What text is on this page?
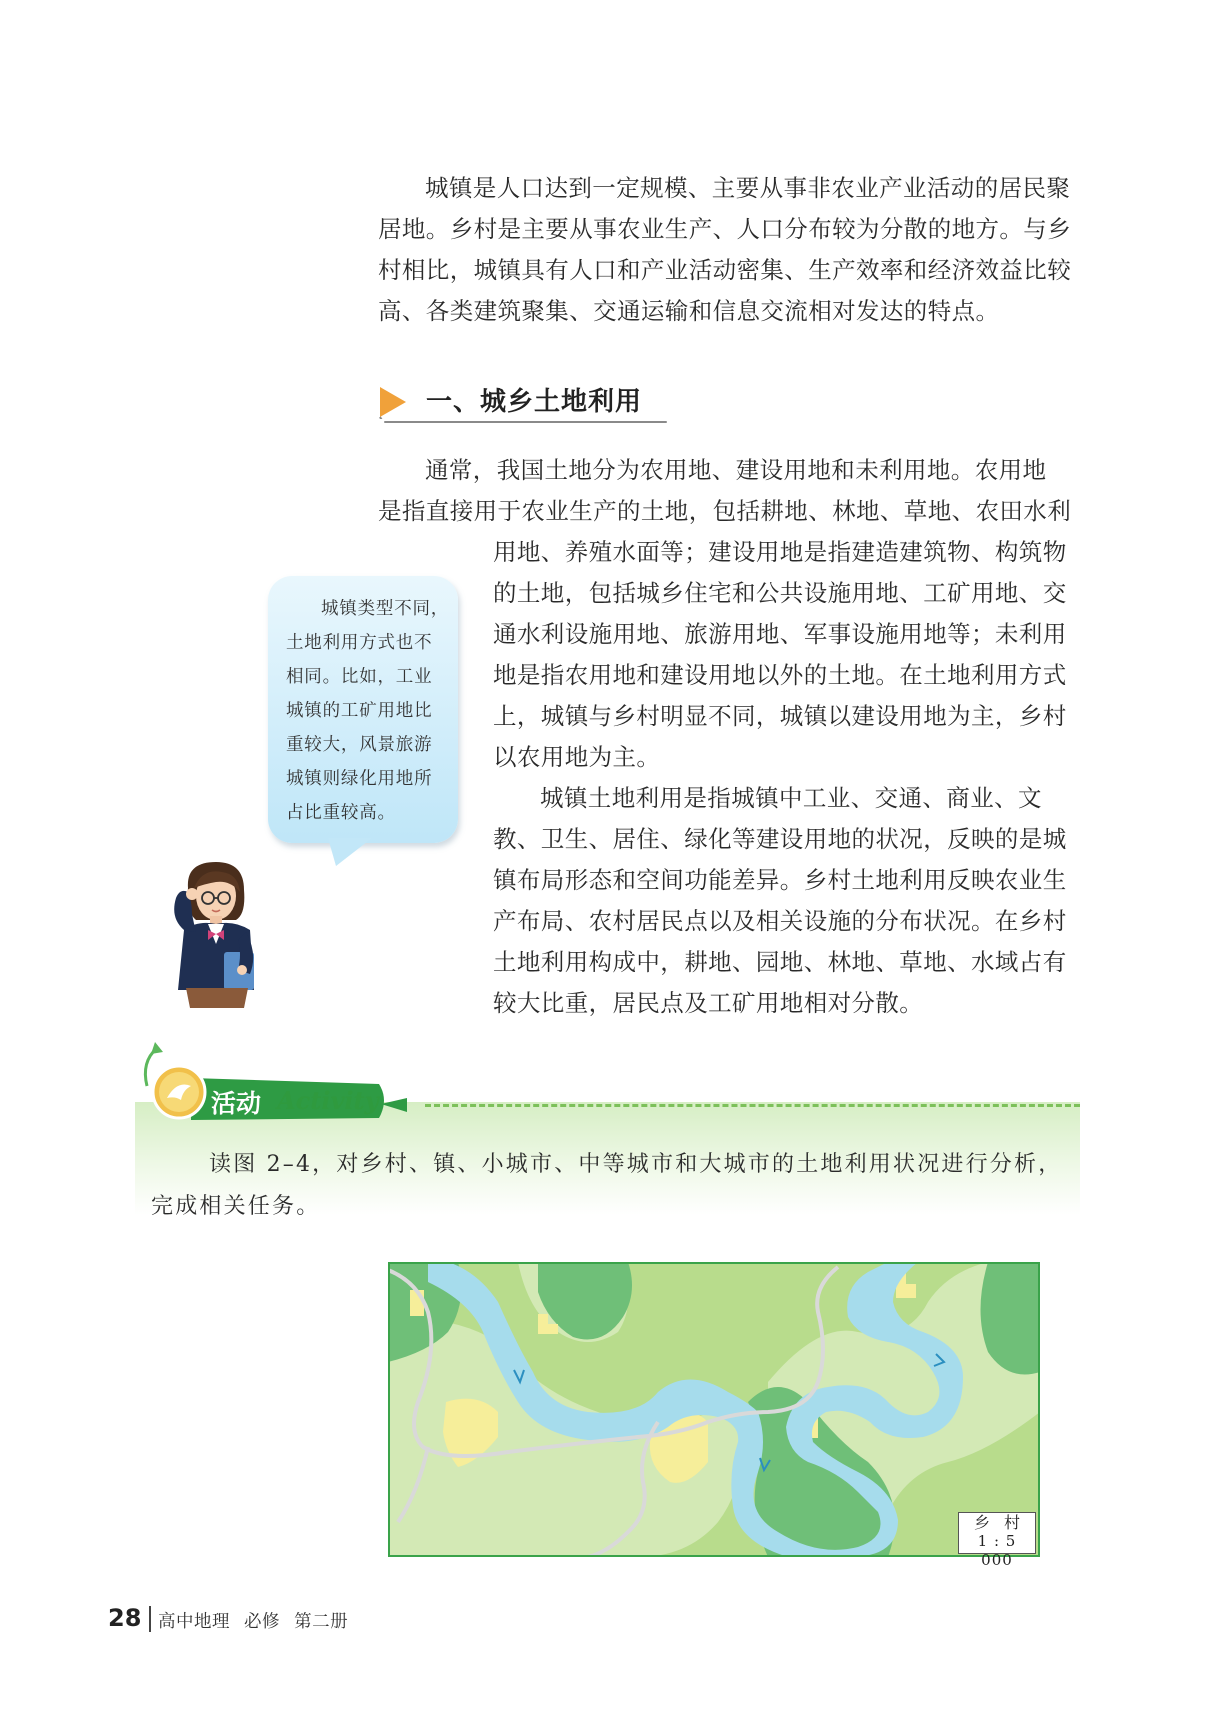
城镇是人口达到一定规模、主要从事非农业产业活动的居民聚
居地。乡村是主要从事农业生产、人口分布较为分散的地方。与乡
村相比，城镇具有人口和产业活动密集、生产效率和经济效益比较
高、各类建筑聚集、交通运输和信息交流相对发达的特点。

一、城乡土地利用

通常，我国土地分为农用地、建设用地和未利用地。农用地
是指直接用于农业生产的土地，包括耕地、林地、草地、农田水利

用地、养殖水面等；建设用地是指建造建筑物、构筑物
的土地，包括城乡住宅和公共设施用地、工矿用地、交
通水利设施用地、旅游用地、军事设施用地等；未利用
地是指农用地和建设用地以外的土地。在土地利用方式
上，城镇与乡村明显不同，城镇以建设用地为主，乡村
以农用地为主。

城镇土地利用是指城镇中工业、交通、商业、文
教、卫生、居住、绿化等建设用地的状况，反映的是城
镇布局形态和空间功能差异。乡村土地利用反映农业生
产布局、农村居民点以及相关设施的分布状况。在乡村
土地利用构成中，耕地、园地、林地、草地、水域占有
较大比重，居民点及工矿用地相对分散。

城镇类型不同，
土地利用方式也不
相同。比如，工业
城镇的工矿用地比
重较大，风景旅游
城镇则绿化用地所
占比重较高。

活动 Activity

读图 2–4，对乡村、镇、小城市、中等城市和大城市的土地利用状况进行分析，
完成相关任务。

乡村
1 : 5 000
28 高中地理 必修 第二册
